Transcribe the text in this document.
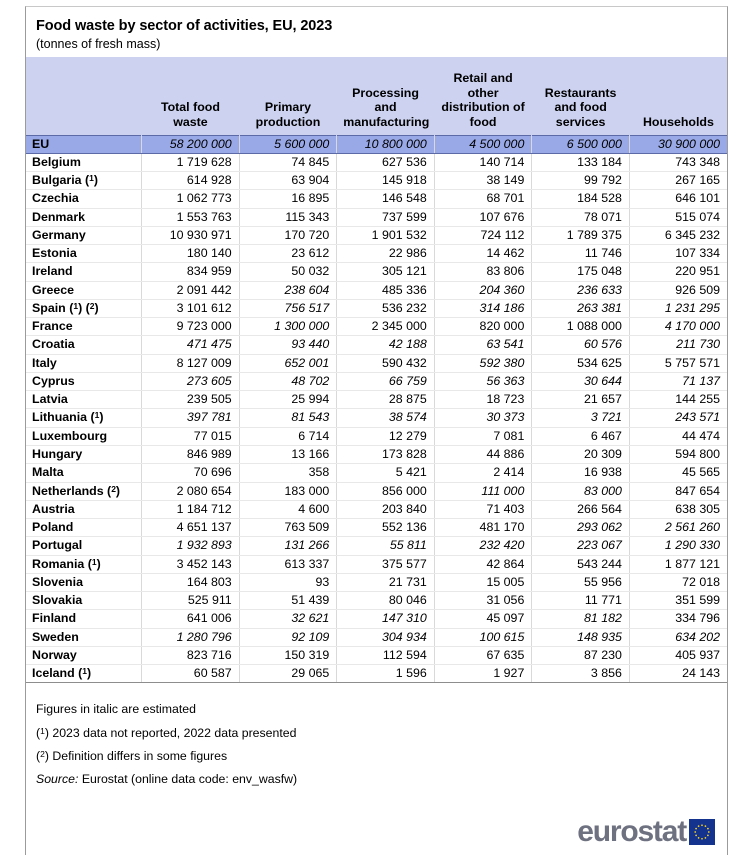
Food waste by sector of activities, EU, 2023
(tonnes of fresh mass)
	Total food waste	Primary production	Processing and manufacturing	Retail and other distribution of food	Restaurants and food services	Households
EU	58 200 000	5 600 000	10 800 000	4 500 000	6 500 000	30 900 000
Belgium	1 719 628	74 845	627 536	140 714	133 184	743 348
Bulgaria ($^1$)	614 928	63 904	145 918	38 149	99 792	267 165
Czechia	1 062 773	16 895	146 548	68 701	184 528	646 101
Denmark	1 553 763	115 343	737 599	107 676	78 071	515 074
Germany	10 930 971	170 720	1 901 532	724 112	1 789 375	6 345 232
Estonia	180 140	23 612	22 986	14 462	11 746	107 334
Ireland	834 959	50 032	305 121	83 806	175 048	220 951
Greece	2 091 442	238 604	485 336	204 360	236 633	926 509
Spain ($^1$) ($^2$)	3 101 612	756 517	536 232	314 186	263 381	1 231 295
France	9 723 000	1 300 000	2 345 000	820 000	1 088 000	4 170 000
Croatia	471 475	93 440	42 188	63 541	60 576	211 730
Italy	8 127 009	652 001	590 432	592 380	534 625	5 757 571
Cyprus	273 605	48 702	66 759	56 363	30 644	71 137
Latvia	239 505	25 994	28 875	18 723	21 657	144 255
Lithuania ($^1$)	397 781	81 543	38 574	30 373	3 721	243 571
Luxembourg	77 015	6 714	12 279	7 081	6 467	44 474
Hungary	846 989	13 166	173 828	44 886	20 309	594 800
Malta	70 696	358	5 421	2 414	16 938	45 565
Netherlands ($^2$)	2 080 654	183 000	856 000	111 000	83 000	847 654
Austria	1 184 712	4 600	203 840	71 403	266 564	638 305
Poland	4 651 137	763 509	552 136	481 170	293 062	2 561 260
Portugal	1 932 893	131 266	55 811	232 420	223 067	1 290 330
Romania ($^1$)	3 452 143	613 337	375 577	42 864	543 244	1 877 121
Slovenia	164 803	93	21 731	15 005	55 956	72 018
Slovakia	525 911	51 439	80 046	31 056	11 771	351 599
Finland	641 006	32 621	147 310	45 097	81 182	334 796
Sweden	1 280 796	92 109	304 934	100 615	148 935	634 202
Norway	823 716	150 319	112 594	67 635	87 230	405 937
Iceland ($^1$)	60 587	29 065	1 596	1 927	3 856	24 143

Figures in italic are estimated

($^1$) 2023 data not reported, 2022 data presented

($^2$) Definition differs in some figures

Source: Eurostat (online data code: env_wasfw)

eurostat
